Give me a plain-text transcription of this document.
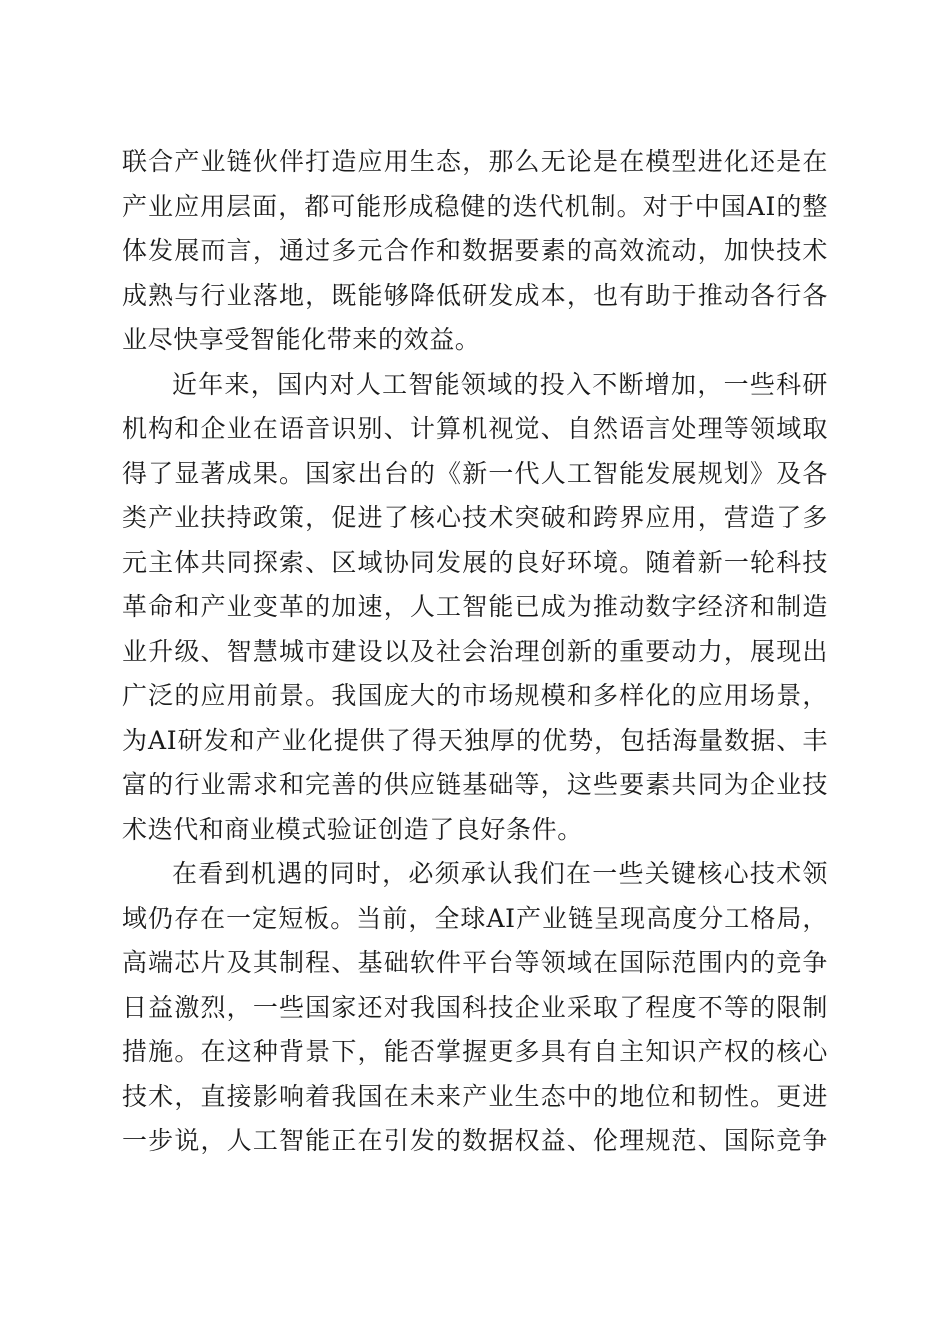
联合产业链伙伴打造应用生态，那么无论是在模型进化还是在
产业应用层面，都可能形成稳健的迭代机制。对于中国AI的整
体发展而言，通过多元合作和数据要素的高效流动，加快技术
成熟与行业落地，既能够降低研发成本，也有助于推动各行各
业尽快享受智能化带来的效益。
近年来，国内对人工智能领域的投入不断增加，一些科研
机构和企业在语音识别、计算机视觉、自然语言处理等领域取
得了显著成果。国家出台的《新一代人工智能发展规划》及各
类产业扶持政策，促进了核心技术突破和跨界应用，营造了多
元主体共同探索、区域协同发展的良好环境。随着新一轮科技
革命和产业变革的加速，人工智能已成为推动数字经济和制造
业升级、智慧城市建设以及社会治理创新的重要动力，展现出
广泛的应用前景。我国庞大的市场规模和多样化的应用场景，
为AI研发和产业化提供了得天独厚的优势，包括海量数据、丰
富的行业需求和完善的供应链基础等，这些要素共同为企业技
术迭代和商业模式验证创造了良好条件。
在看到机遇的同时，必须承认我们在一些关键核心技术领
域仍存在一定短板。当前，全球AI产业链呈现高度分工格局，
高端芯片及其制程、基础软件平台等领域在国际范围内的竞争
日益激烈，一些国家还对我国科技企业采取了程度不等的限制
措施。在这种背景下，能否掌握更多具有自主知识产权的核心
技术，直接影响着我国在未来产业生态中的地位和韧性。更进
一步说，人工智能正在引发的数据权益、伦理规范、国际竞争
